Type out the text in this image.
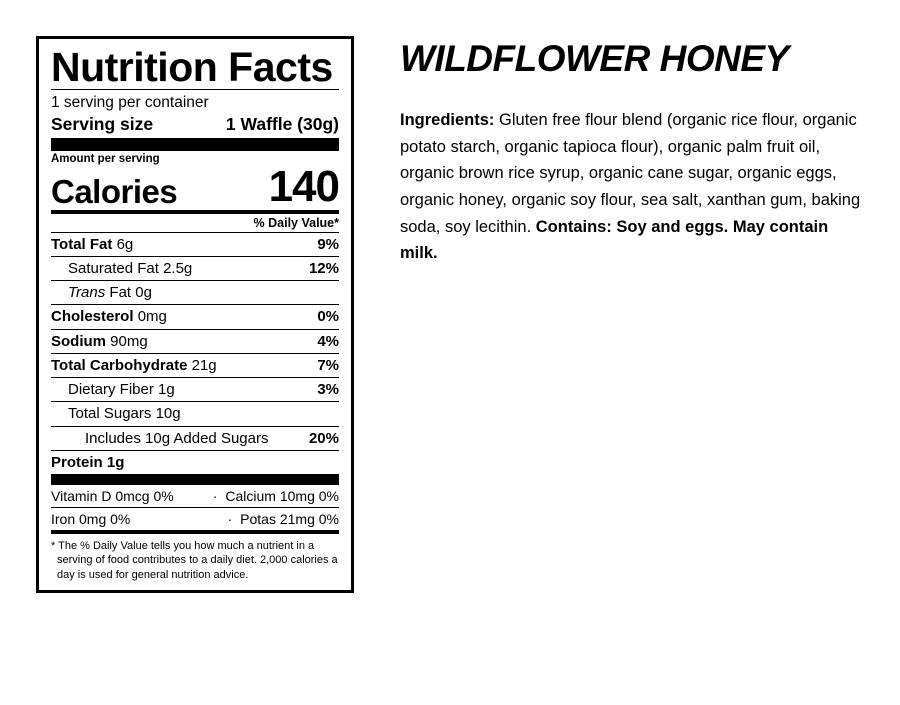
Nutrition Facts
1 serving per container
Serving size	1 Waffle (30g)
Amount per serving
Calories 140
% Daily Value*
Total Fat 6g	9%
Saturated Fat 2.5g	12%
Trans Fat 0g
Cholesterol 0mg	0%
Sodium 90mg	4%
Total Carbohydrate 21g	7%
Dietary Fiber 1g	3%
Total Sugars 10g
Includes 10g Added Sugars	20%
Protein 1g
Vitamin D 0mcg 0%	· Calcium 10mg 0%
Iron 0mg 0%	· Potas 21mg 0%
* The % Daily Value tells you how much a nutrient in a serving of food contributes to a daily diet. 2,000 calories a day is used for general nutrition advice.
WILDFLOWER HONEY

Ingredients: Gluten free flour blend (organic rice flour, organic potato starch, organic tapioca flour), organic palm fruit oil, organic brown rice syrup, organic cane sugar, organic eggs, organic honey, organic soy flour, sea salt, xanthan gum, baking soda, soy lecithin. Contains: Soy and eggs. May contain milk.
